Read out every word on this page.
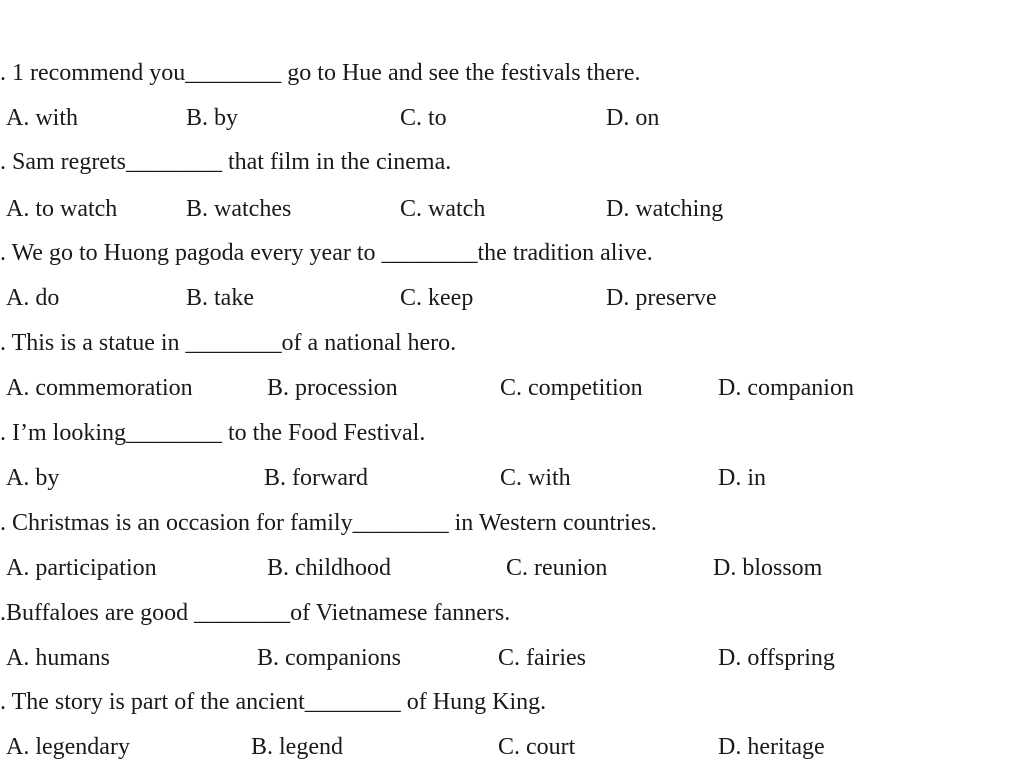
. 1 recommend you________ go to Hue and see the festivals there.
A. with	B. by	C. to	D. on
. Sam regrets________ that film in the cinema.
A. to watch	B. watches	C. watch	D. watching
. We go to Huong pagoda every year to ________the tradition alive.
A. do	B. take	C. keep	D. preserve
. This is a statue in ________of a national hero.
A. commemoration	B. procession	C. competition	D. companion
. I’m looking________ to the Food Festival.
A. by	B. forward	C. with	D. in
. Christmas is an occasion for family________ in Western countries.
A. participation	B. childhood	C. reunion	D. blossom
.Buffaloes are good ________of Vietnamese fanners.
A. humans	B. companions	C. fairies	D. offspring
. The story is part of the ancient________ of Hung King.
A. legendary	B. legend	C. court	D. heritage
